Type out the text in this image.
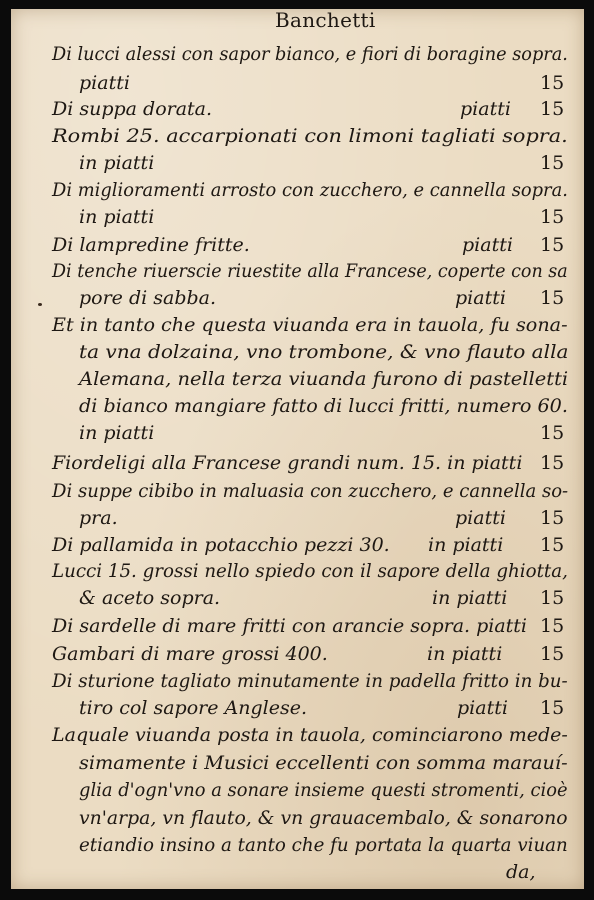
Banchetti
Di lucci alessi con sapor bianco, e fiori di boragine sopra.
piatti	15
Di suppa dorata.	piatti 15
Rombi 25. accarpionati con limoni tagliati sopra.
in piatti	15
Di miglioramenti arrosto con zucchero, e cannella sopra.
in piatti	15
Di lampredine fritte.	piatti 15
Di tenche riuerscie riuestite alla Francese, coperte con sa
pore di sabba.	piatti 15
Et in tanto che questa viuanda era in tauola, fu sona-
ta vna dolzaina, vno trombone, & vno flauto alla
Alemana, nella terza viuanda furono di pastelletti
di bianco mangiare fatto di lucci fritti, numero 60.
in piatti	15
Fiordeligi alla Francese grandi num. 15. in piatti 15
Di suppe cibibo in maluasia con zucchero, e cannella so-
pra.	piatti 15
Di pallamida in potacchio pezzi 30. in piatti 15
Lucci 15. grossi nello spiedo con il sapore della ghiotta,
& aceto sopra.	in piatti 15
Di sardelle di mare fritti con arancie sopra. piatti 15
Gambari di mare grossi 400.	in piatti 15
Di sturione tagliato minutamente in padella fritto in bu-
tiro col sapore Anglese.	piatti 15
Laquale viuanda posta in tauola, cominciarono mede-
simamente i Musici eccellenti con somma marauí-
glia d'ogn'vno a sonare insieme questi stromenti, cioè
vn'arpa, vn flauto, & vn grauacembalo, & sonarono
etiandio insino a tanto che fu portata la quarta viuan
da,
